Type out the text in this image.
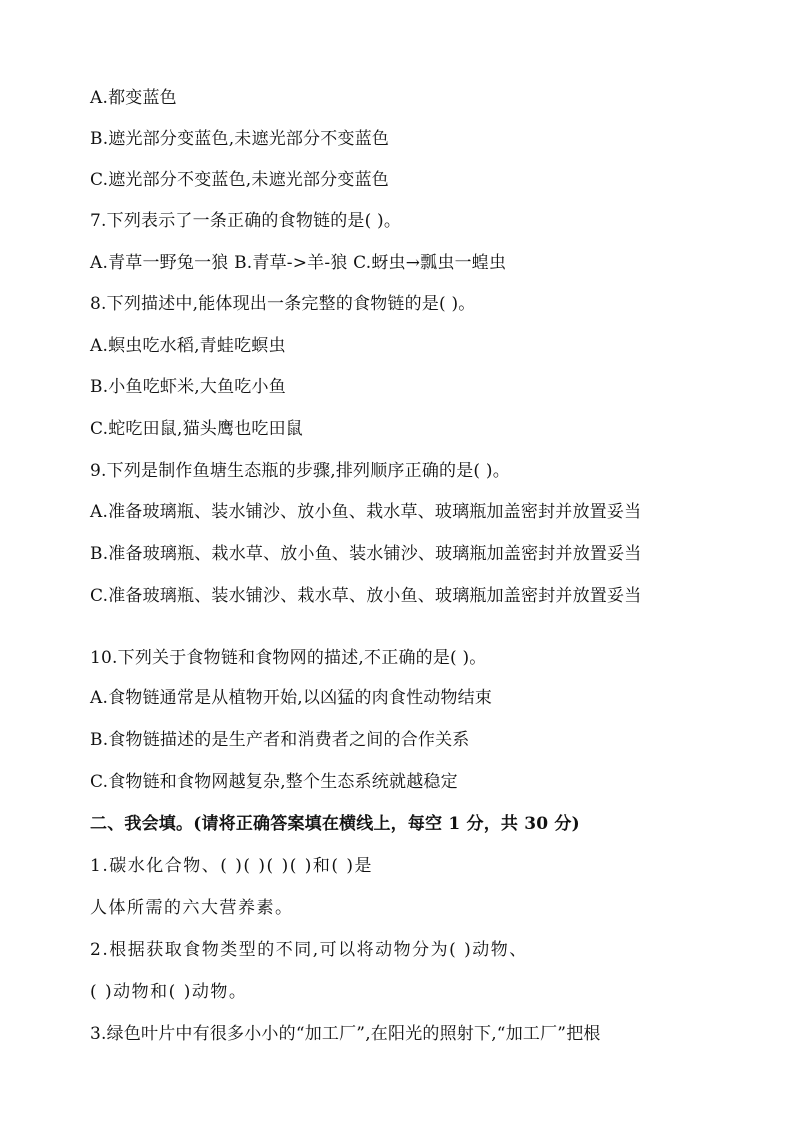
A.都变蓝色
B.遮光部分变蓝色,未遮光部分不变蓝色
C.遮光部分不变蓝色,未遮光部分变蓝色
7.下列表示了一条正确的食物链的是( )。
A.青草一野兔一狼 B.青草->羊-狼 C.蚜虫→瓢虫一蝗虫
8.下列描述中,能体现出一条完整的食物链的是( )。
A.螟虫吃水稻,青蛙吃螟虫
B.小鱼吃虾米,大鱼吃小鱼
C.蛇吃田鼠,猫头鹰也吃田鼠
9.下列是制作鱼塘生态瓶的步骤,排列顺序正确的是( )。
A.准备玻璃瓶、装水铺沙、放小鱼、栽水草、玻璃瓶加盖密封并放置妥当
B.准备玻璃瓶、栽水草、放小鱼、装水铺沙、玻璃瓶加盖密封并放置妥当
C.准备玻璃瓶、装水铺沙、栽水草、放小鱼、玻璃瓶加盖密封并放置妥当
10.下列关于食物链和食物网的描述,不正确的是( )。
A.食物链通常是从植物开始,以凶猛的肉食性动物结束
B.食物链描述的是生产者和消费者之间的合作关系
C.食物链和食物网越复杂,整个生态系统就越稳定
二、我会填。(请将正确答案填在横线上，每空 1 分，共 30 分)
1.碳水化合物、( )( )( )( )和( )是
人体所需的六大营养素。
2.根据获取食物类型的不同,可以将动物分为( )动物、
( )动物和( )动物。
3.绿色叶片中有很多小小的“加工厂”,在阳光的照射下,“加工厂”把根
